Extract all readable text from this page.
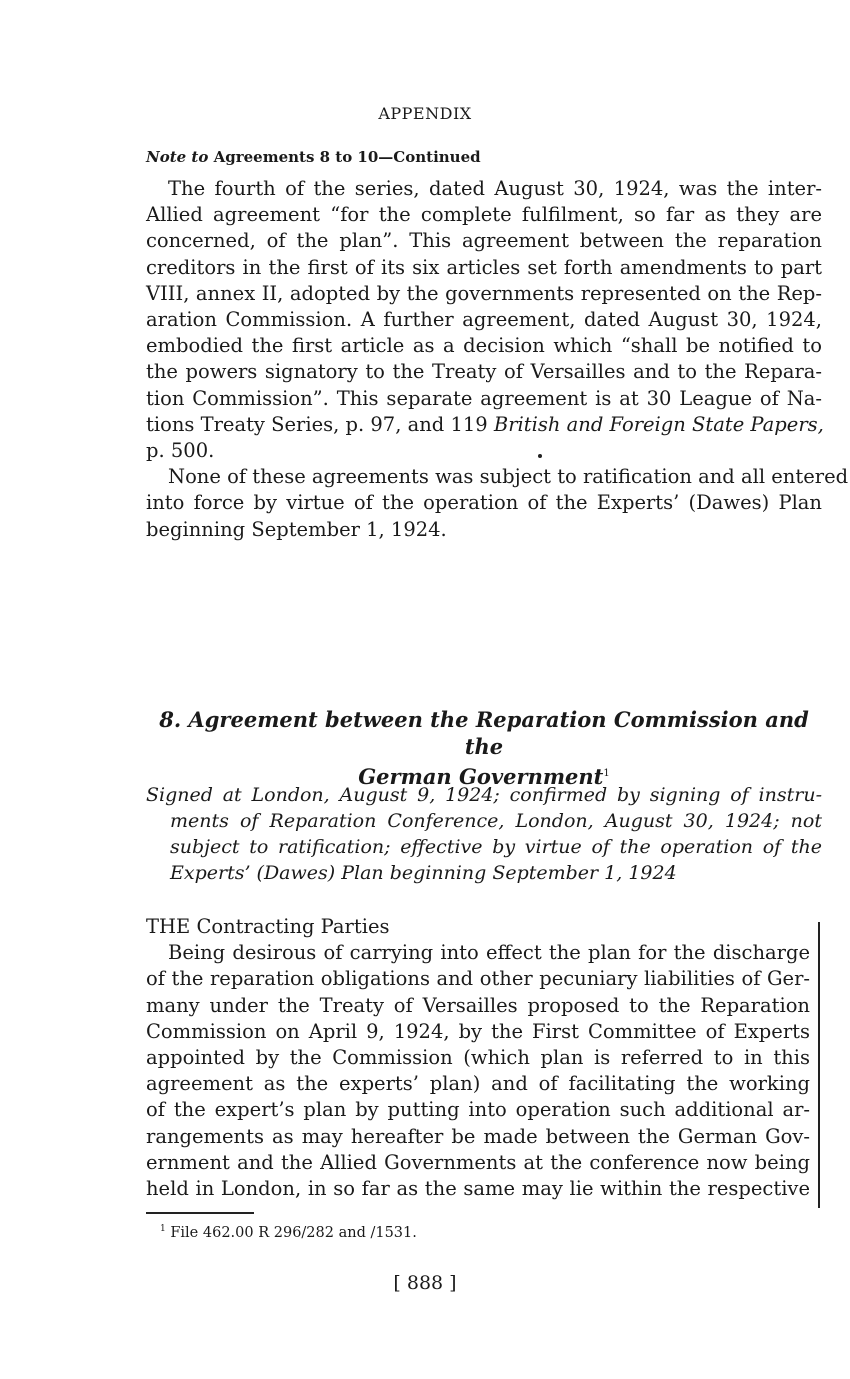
APPENDIX
Note to Agreements 8 to 10—Continued
The fourth of the series, dated August 30, 1924, was the inter-
Allied agreement “for the complete fulfilment, so far as they are
concerned, of the plan”. This agreement between the reparation
creditors in the first of its six articles set forth amendments to part
VIII, annex II, adopted by the governments represented on the Rep-
aration Commission. A further agreement, dated August 30, 1924,
embodied the first article as a decision which “shall be notified to
the powers signatory to the Treaty of Versailles and to the Repara-
tion Commission”. This separate agreement is at 30 League of Na-
tions Treaty Series, p. 97, and 119 British and Foreign State Papers,
p. 500.
None of these agreements was subject to ratification and all entered
into force by virtue of the operation of the Experts’ (Dawes) Plan
beginning September 1, 1924.
8. Agreement between the Reparation Commission and the
German Government$^1$
Signed at London, August 9, 1924; confirmed by signing of instru-
ments of Reparation Conference, London, August 30, 1924; not
subject to ratification; effective by virtue of the operation of the
Experts’ (Dawes) Plan beginning September 1, 1924
THE Contracting Parties
Being desirous of carrying into effect the plan for the discharge
of the reparation obligations and other pecuniary liabilities of Ger-
many under the Treaty of Versailles proposed to the Reparation
Commission on April 9, 1924, by the First Committee of Experts
appointed by the Commission (which plan is referred to in this
agreement as the experts’ plan) and of facilitating the working
of the expert’s plan by putting into operation such additional ar-
rangements as may hereafter be made between the German Gov-
ernment and the Allied Governments at the conference now being
held in London, in so far as the same may lie within the respective
$^1$ File 462.00 R 296/282 and /1531.
[ 888 ]
